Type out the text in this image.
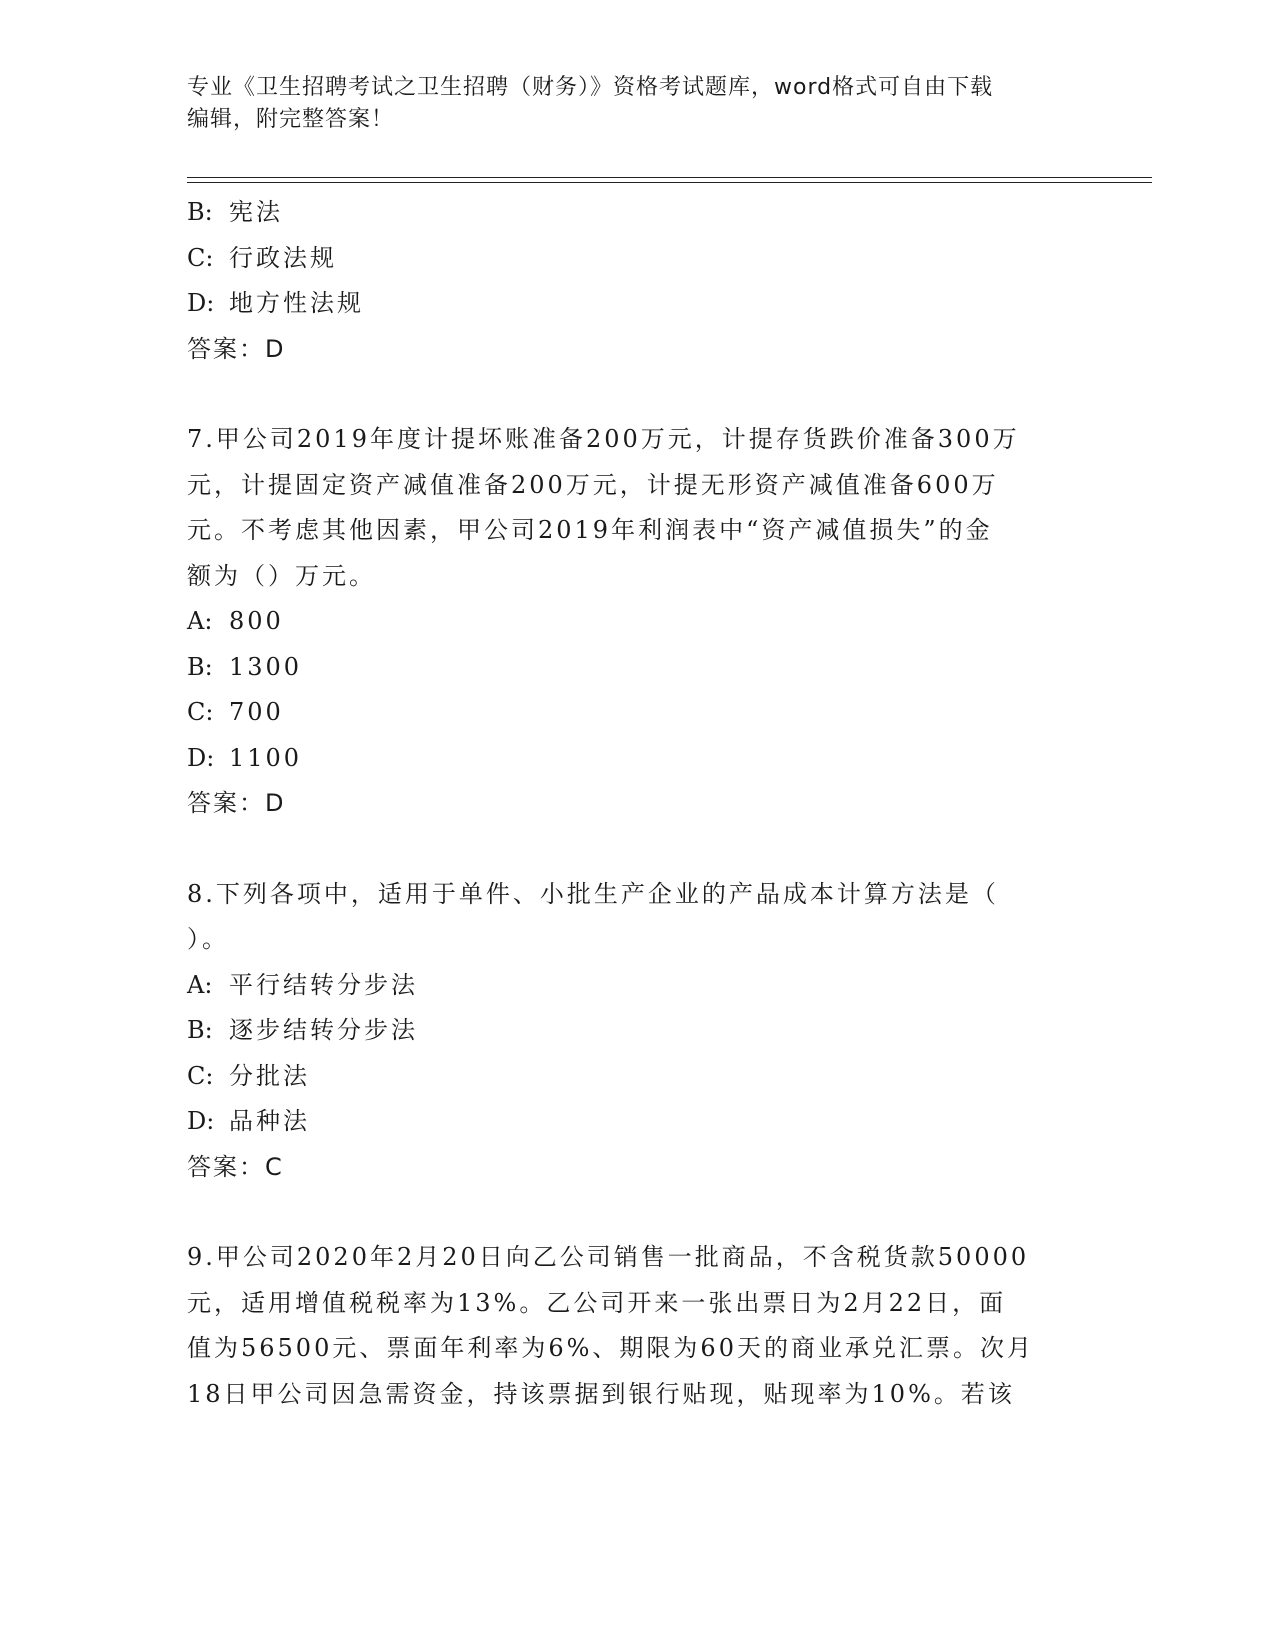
专业《卫生招聘考试之卫生招聘（财务）》资格考试题库，word格式可自由下载
编辑，附完整答案！
B: 宪法
C: 行政法规
D: 地方性法规
答案：D
7.甲公司2019年度计提坏账准备200万元，计提存货跌价准备300万
元，计提固定资产减值准备200万元，计提无形资产减值准备600万
元。不考虑其他因素，甲公司2019年利润表中“资产减值损失”的金
额为（）万元。
A: 800
B: 1300
C: 700
D: 1100
答案：D
8.下列各项中，适用于单件、小批生产企业的产品成本计算方法是（
）。
A: 平行结转分步法
B: 逐步结转分步法
C: 分批法
D: 品种法
答案：C
9.甲公司2020年2月20日向乙公司销售一批商品，不含税货款50000
元，适用增值税税率为13%。乙公司开来一张出票日为2月22日，面
值为56500元、票面年利率为6%、期限为60天的商业承兑汇票。次月
18日甲公司因急需资金，持该票据到银行贴现，贴现率为10%。若该
